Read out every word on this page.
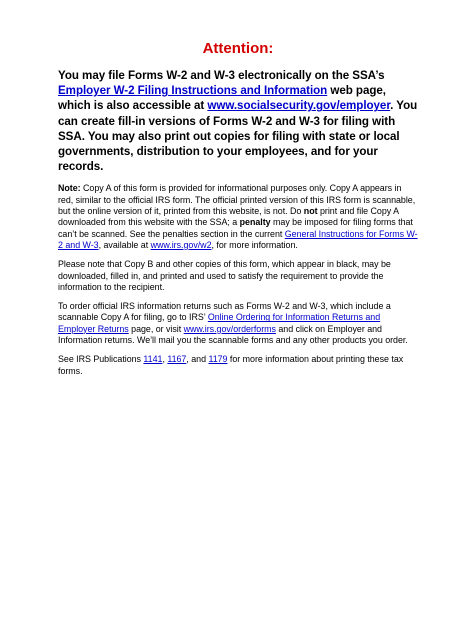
Attention:

You may file Forms W-2 and W-3 electronically on the SSA’s Employer W-2 Filing Instructions and Information web page, which is also accessible at www.socialsecurity.gov/employer. You can create fill-in versions of Forms W-2 and W-3 for filing with SSA. You may also print out copies for filing with state or local governments, distribution to your employees, and for your records.

Note: Copy A of this form is provided for informational purposes only. Copy A appears in red, similar to the official IRS form. The official printed version of this IRS form is scannable, but the online version of it, printed from this website, is not. Do not print and file Copy A downloaded from this website with the SSA; a penalty may be imposed for filing forms that can’t be scanned. See the penalties section in the current General Instructions for Forms W-2 and W-3, available at www.irs.gov/w2, for more information.

Please note that Copy B and other copies of this form, which appear in black, may be downloaded, filled in, and printed and used to satisfy the requirement to provide the information to the recipient.

To order official IRS information returns such as Forms W-2 and W-3, which include a scannable Copy A for filing, go to IRS’ Online Ordering for Information Returns and Employer Returns page, or visit www.irs.gov/orderforms and click on Employer and Information returns. We’ll mail you the scannable forms and any other products you order.

See IRS Publications 1141, 1167, and 1179 for more information about printing these tax forms.
